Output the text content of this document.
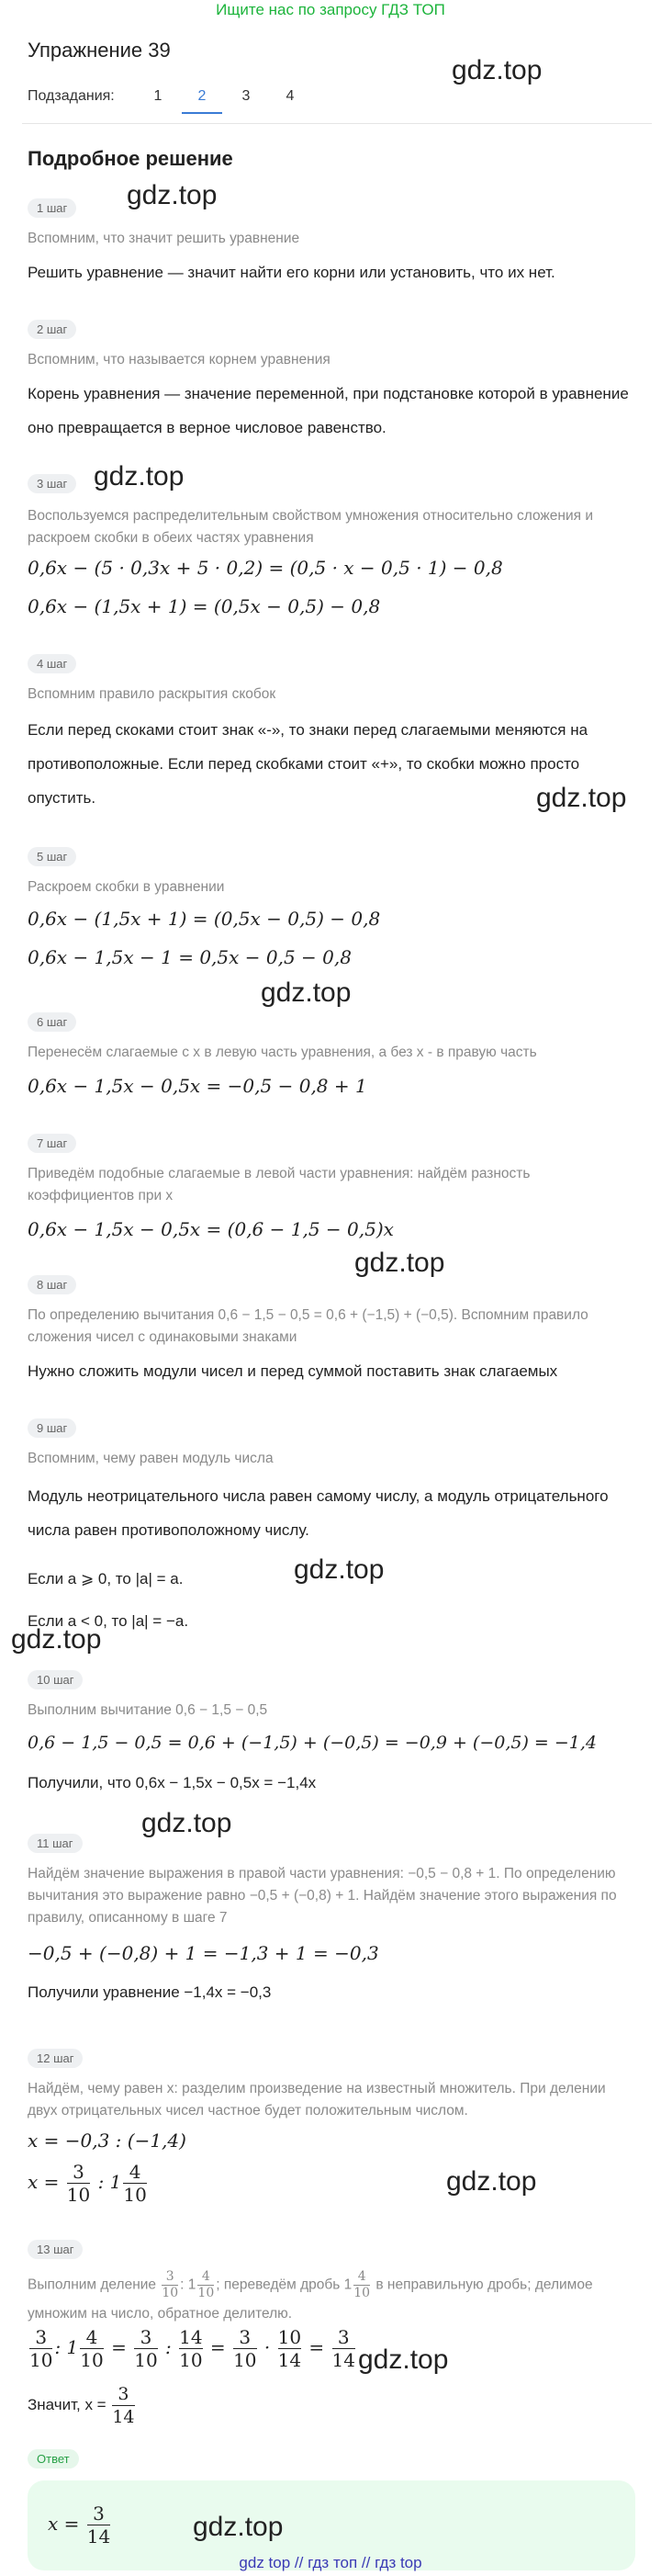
Ищите нас по запросу ГДЗ ТОП
Упражнение 39
Подзадания:	1 2 3 4
Подробное решение
1 шаг
Вспомним, что значит решить уравнение
Решить уравнение — значит найти его корни или установить, что их нет.
2 шаг
Вспомним, что называется корнем уравнения
Корень уравнения — значение переменной, при подстановке которой в уравнение оно превращается в верное числовое равенство.
3 шаг
Воспользуемся распределительным свойством умножения относительно сложения и раскроем скобки в обеих частях уравнения
0,6x − (5 · 0,3x + 5 · 0,2) = (0,5 · x − 0,5 · 1) − 0,8
0,6x − (1,5x + 1) = (0,5x − 0,5) − 0,8
4 шаг
Вспомним правило раскрытия скобок
Если перед скоками стоит знак «-», то знаки перед слагаемыми меняются на противоположные. Если перед скобками стоит «+», то скобки можно просто опустить.
5 шаг
Раскроем скобки в уравнении
0,6x − (1,5x + 1) = (0,5x − 0,5) − 0,8
0,6x − 1,5x − 1 = 0,5x − 0,5 − 0,8
6 шаг
Перенесём слагаемые с x в левую часть уравнения, а без x - в правую часть
0,6x − 1,5x − 0,5x = −0,5 − 0,8 + 1
7 шаг
Приведём подобные слагаемые в левой части уравнения: найдём разность коэффициентов при x
0,6x − 1,5x − 0,5x = (0,6 − 1,5 − 0,5)x
8 шаг
По определению вычитания 0,6 − 1,5 − 0,5 = 0,6 + (−1,5) + (−0,5). Вспомним правило сложения чисел с одинаковыми знаками
Нужно сложить модули чисел и перед суммой поставить знак слагаемых
9 шаг
Вспомним, чему равен модуль числа
Модуль неотрицательного числа равен самому числу, а модуль отрицательного числа равен противоположному числу.
Если a ⩾ 0, то |a| = a.
Если a < 0, то |a| = −a.
10 шаг
Выполним вычитание 0,6 − 1,5 − 0,5
0,6 − 1,5 − 0,5 = 0,6 + (−1,5) + (−0,5) = −0,9 + (−0,5) = −1,4
Получили, что 0,6x − 1,5x − 0,5x = −1,4x
11 шаг
Найдём значение выражения в правой части уравнения: −0,5 − 0,8 + 1. По определению вычитания это выражение равно −0,5 + (−0,8) + 1. Найдём значение этого выражения по правилу, описанному в шаге 7
−0,5 + (−0,8) + 1 = −1,3 + 1 = −0,3
Получили уравнение −1,4x = −0,3
12 шаг
Найдём, чему равен x: разделим произведение на известный множитель. При делении двух отрицательных чисел частное будет положительным числом.
x = −0,3 : (−1,4)
$x = \frac{3}{10}$ : $1 \frac{4}{10}$
13 шаг
Выполним деление $\frac{3}{10}$ : $1 \frac{4}{10}$ ; переведём дробь $1 \frac{4}{10}$ в неправильную дробь; делимое умножим на число, обратное делителю.
$\frac{3}{10}$ : $1 \frac{4}{10} = \frac{3}{10}$ : $\frac{14}{10} = \frac{3}{10} \cdot \frac{10}{14} = \frac{3}{14}$
Значит, $x = \frac{3}{14}$
Ответ
$x = \frac{3}{14}$
gdz.top
gdz.top
gdz.top
gdz.top
gdz.top
gdz.top
gdz.top
gdz.top
gdz.top
gdz.top
gdz.top
gdz.top
gdz top // гдз топ // гдз top
